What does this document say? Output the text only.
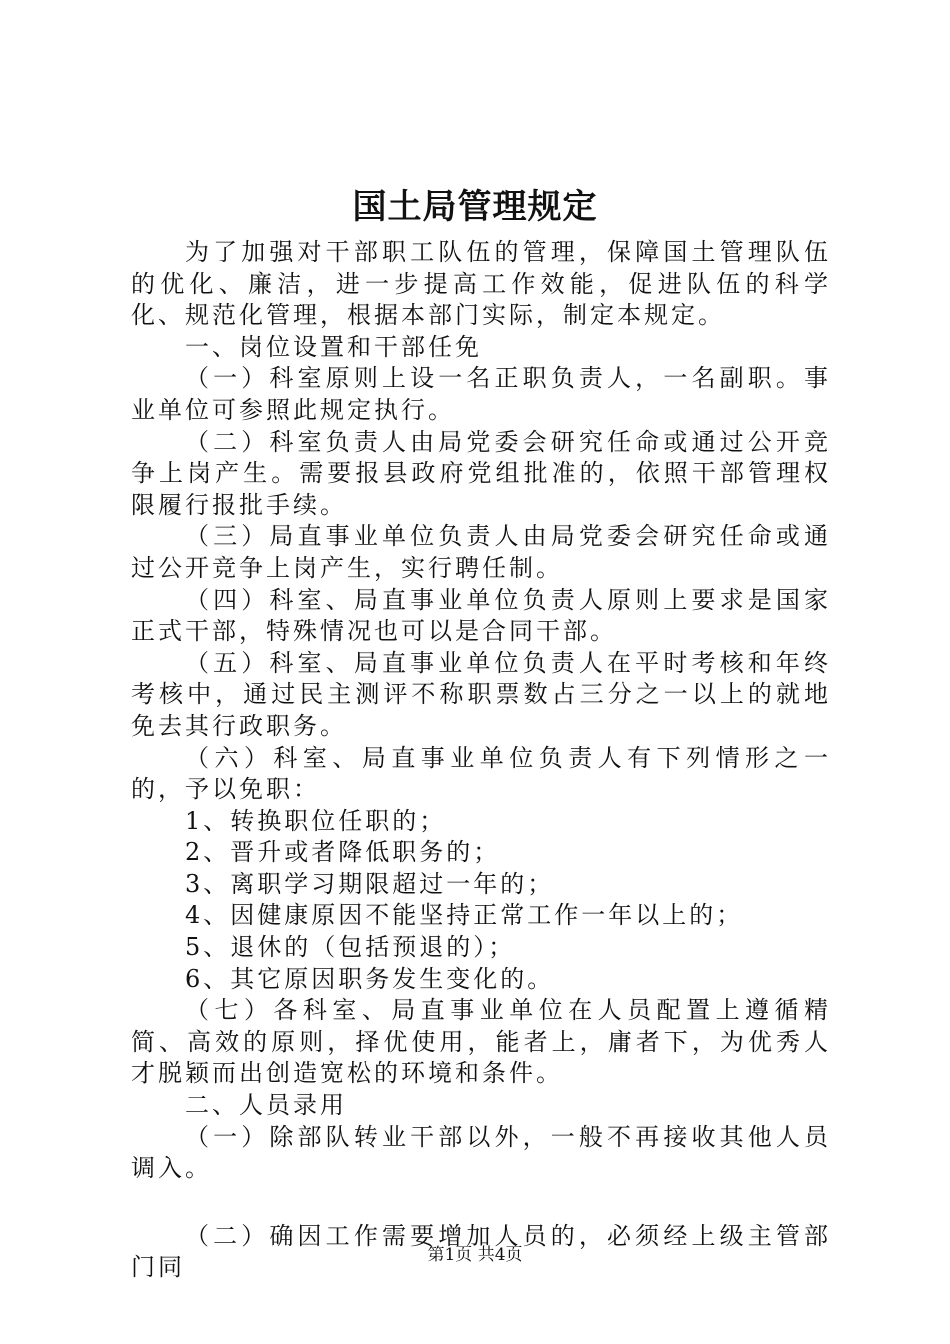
国土局管理规定

为了加强对干部职工队伍的管理，保障国土管理队伍的优化、廉洁，进一步提高工作效能，促进队伍的科学化、规范化管理，根据本部门实际，制定本规定。

一、岗位设置和干部任免

（一）科室原则上设一名正职负责人，一名副职。事业单位可参照此规定执行。

（二）科室负责人由局党委会研究任命或通过公开竞争上岗产生。需要报县政府党组批准的，依照干部管理权限履行报批手续。

（三）局直事业单位负责人由局党委会研究任命或通过公开竞争上岗产生，实行聘任制。

（四）科室、局直事业单位负责人原则上要求是国家正式干部，特殊情况也可以是合同干部。

（五）科室、局直事业单位负责人在平时考核和年终考核中，通过民主测评不称职票数占三分之一以上的就地免去其行政职务。

（六）科室、局直事业单位负责人有下列情形之一的，予以免职：

1、转换职位任职的；

2、晋升或者降低职务的；

3、离职学习期限超过一年的；

4、因健康原因不能坚持正常工作一年以上的；

5、退休的（包括预退的）；

6、其它原因职务发生变化的。

（七）各科室、局直事业单位在人员配置上遵循精简、高效的原则，择优使用，能者上，庸者下，为优秀人才脱颖而出创造宽松的环境和条件。

二、人员录用

（一）除部队转业干部以外，一般不再接收其他人员调入。

（二）确因工作需要增加人员的，必须经上级主管部门同	第1页 共4页
